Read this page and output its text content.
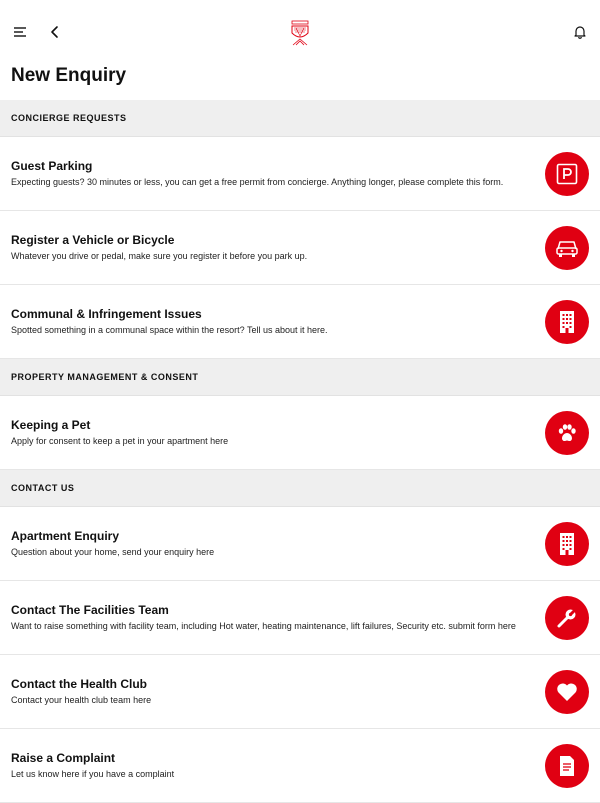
New Enquiry
CONCIERGE REQUESTS
Guest Parking
Expecting guests? 30 minutes or less, you can get a free permit from concierge. Anything longer, please complete this form.
Register a Vehicle or Bicycle
Whatever you drive or pedal, make sure you register it before you park up.
Communal & Infringement Issues
Spotted something in a communal space within the resort? Tell us about it here.
PROPERTY MANAGEMENT & CONSENT
Keeping a Pet
Apply for consent to keep a pet in your apartment here
CONTACT US
Apartment Enquiry
Question about your home, send your enquiry here
Contact The Facilities Team
Want to raise something with facility team, including Hot water, heating maintenance, lift failures, Security etc. submit form here
Contact the Health Club
Contact your health club team here
Raise a Complaint
Let us know here if you have a complaint
